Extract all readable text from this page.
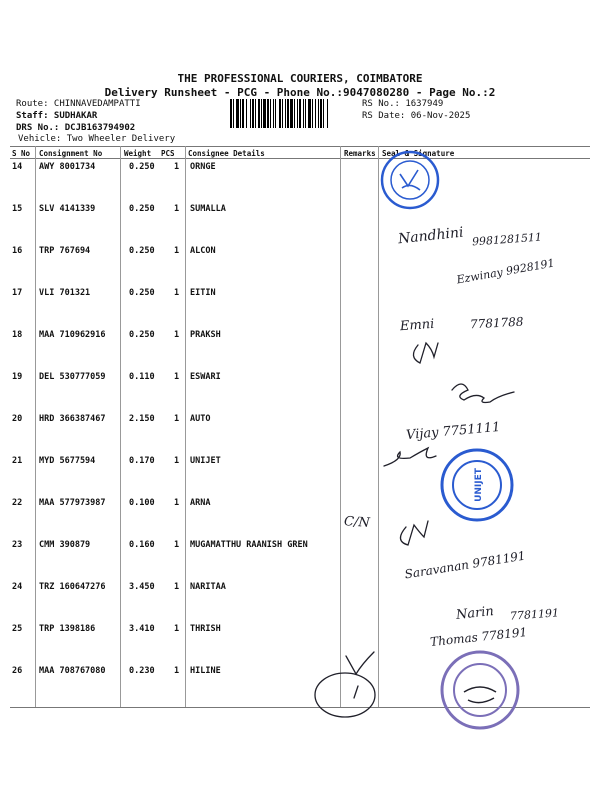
THE PROFESSIONAL COURIERS, COIMBATORE
Delivery Runsheet - PCG - Phone No.:9047080280 - Page No.:2
Route: CHINNAVEDAMPATTI
Staff: SUDHAKAR
DRS No.: DCJB163794902
Vehicle: Two Wheeler Delivery
RS No.: 1637949
RS Date: 06-Nov-2025
S No Consignment No	Weight PCS Consignee Details	Remarks Seal & Signature
14 AWY 8001734	0.250 1 ORNGE
15 SLV 4141339	0.250 1 SUMALLA
16 TRP 767694	0.250 1 ALCON
17 VLI 701321	0.250 1 EITIN
18 MAA 710962916	0.250 1 PRAKSH
19 DEL 530777059	0.110 1 ESWARI
20 HRD 366387467	2.150 1 AUTO
21 MYD 5677594	0.170 1 UNIJET
22 MAA 577973987	0.100 1 ARNA
23 CMM 390879	0.160 1 MUGAMATTHU RAANISH GREN
24 TRZ 160647276	3.450 1 NARITAA
25 TRP 1398186	3.410 1 THRISH
26 MAA 708767080	0.230 1 HILINE
Nandhini 9981281511
Ezwinay 9928191
Emni	7781788
Vijay 7751111
C/N
Saravanan 9781191
Narin 7781191
Thomas 778191
UNIJET
